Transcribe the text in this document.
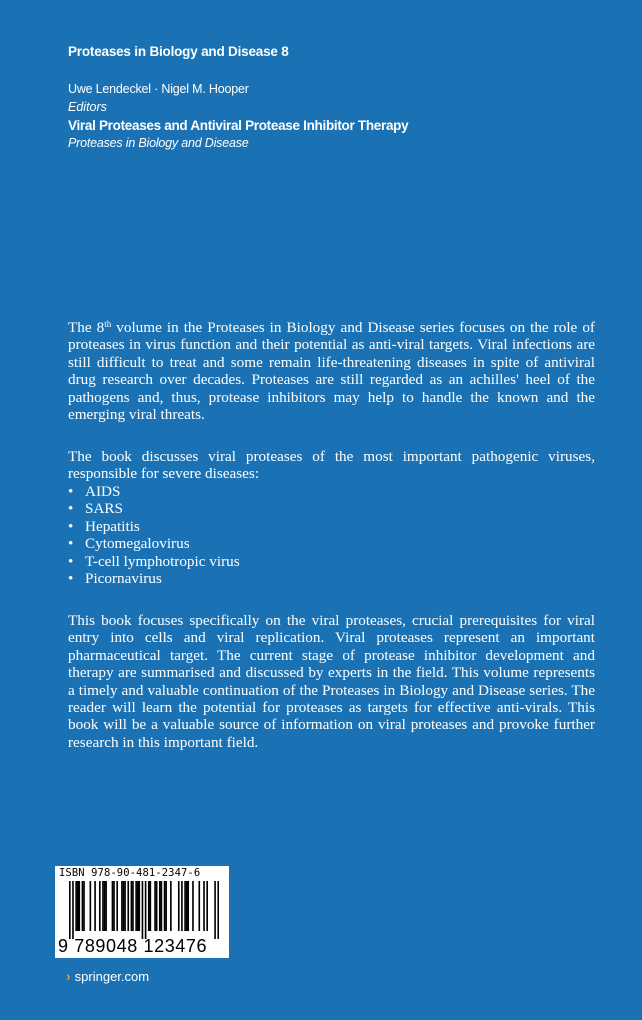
Proteases in Biology and Disease 8
Uwe Lendeckel · Nigel M. Hooper
Editors
Viral Proteases and Antiviral Protease Inhibitor Therapy
Proteases in Biology and Disease

The 8th volume in the Proteases in Biology and Disease series focuses on the role of proteases in virus function and their potential as anti-viral targets. Viral infections are still difficult to treat and some remain life-threatening diseases in spite of antiviral drug research over decades. Proteases are still regarded as an achilles' heel of the pathogens and, thus, protease inhibitors may help to handle the known and the emerging viral threats.

The book discusses viral proteases of the most important pathogenic viruses, responsible for severe diseases:

• AIDS
• SARS
• Hepatitis
• Cytomegalovirus
• T-cell lymphotropic virus
• Picornavirus

This book focuses specifically on the viral proteases, crucial prerequisites for viral entry into cells and viral replication. Viral proteases represent an important pharmaceutical target. The current stage of protease inhibitor development and therapy are summarised and discussed by experts in the field. This volume represents a timely and valuable continuation of the Proteases in Biology and Disease series. The reader will learn the potential for proteases as targets for effective anti-virals. This book will be a valuable source of information on viral proteases and provoke further research in this important field.

ISBN 978-90-481-2347-6
9 789048 123476
› springer.com
